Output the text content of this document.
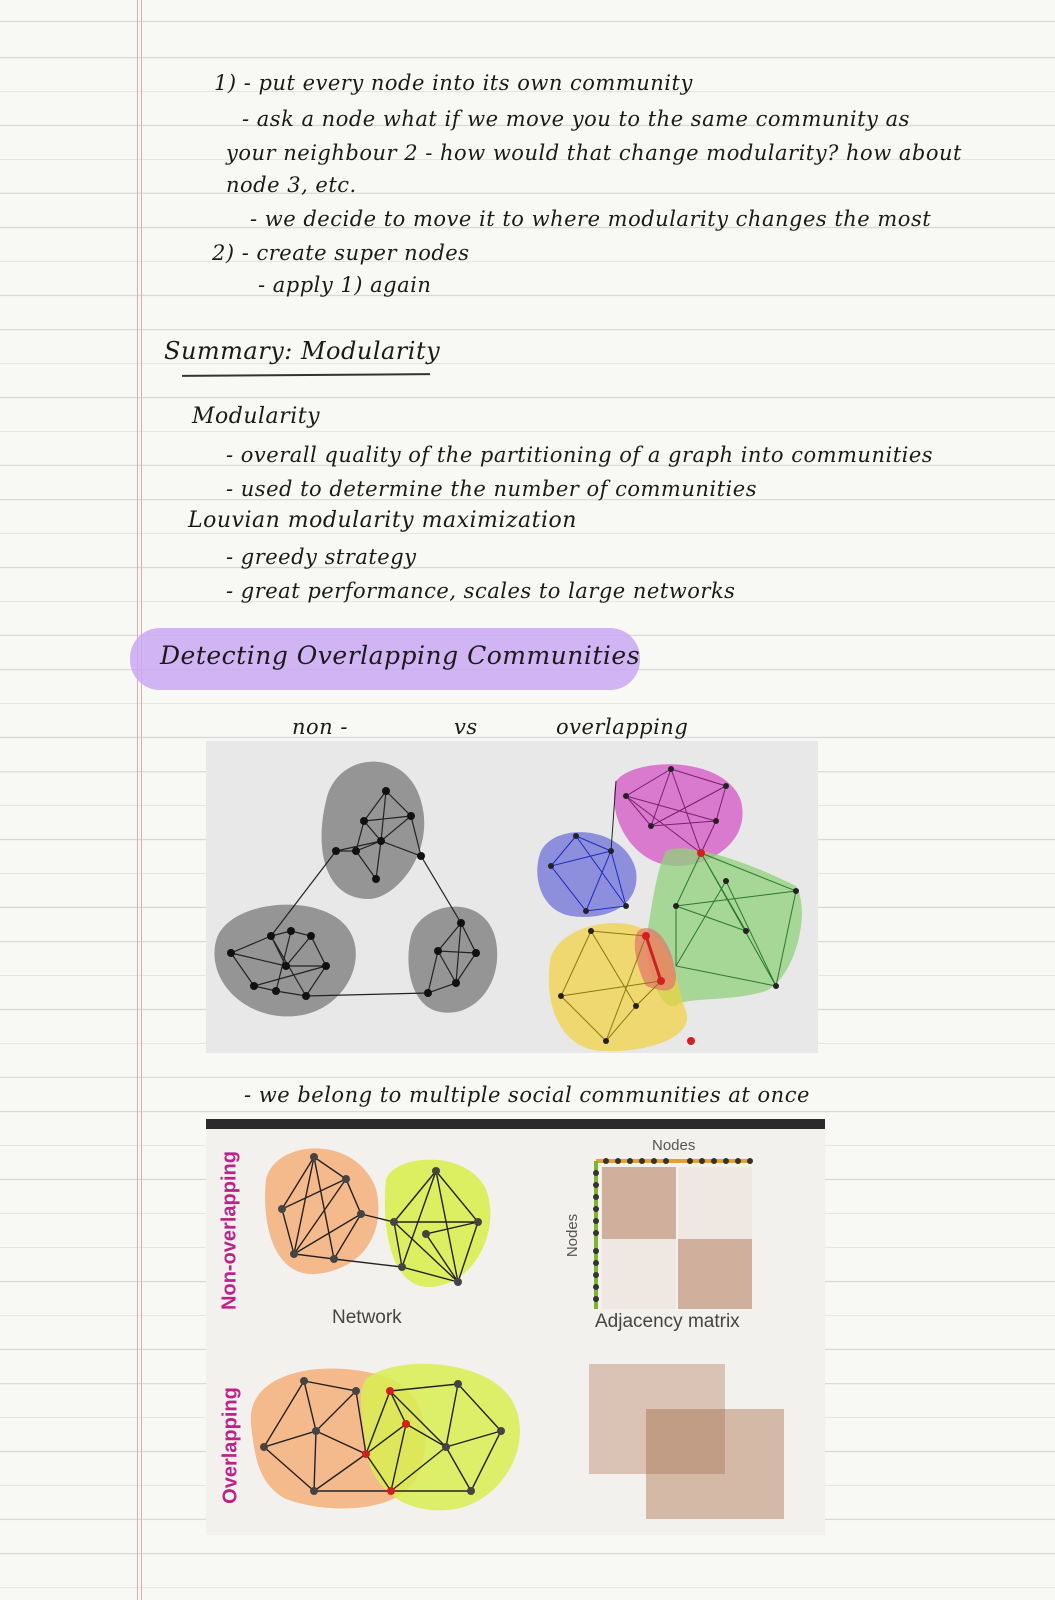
1) - put every node into its own community
- ask a node what if we move you to the same community as
your neighbour 2 - how would that change modularity? how about
node 3, etc.
- we decide to move it to where modularity changes the most
2) - create super nodes
- apply 1) again
Summary: Modularity
Modularity
- overall quality of the partitioning of a graph into communities
- used to determine the number of communities
Louvian modularity maximization
- greedy strategy
- great performance, scales to large networks
Detecting Overlapping Communities
non -	vs	overlapping
- we belong to multiple social communities at once
Non-overlapping
Overlapping
Network	Adjacency matrix
Nodes
Nodes
